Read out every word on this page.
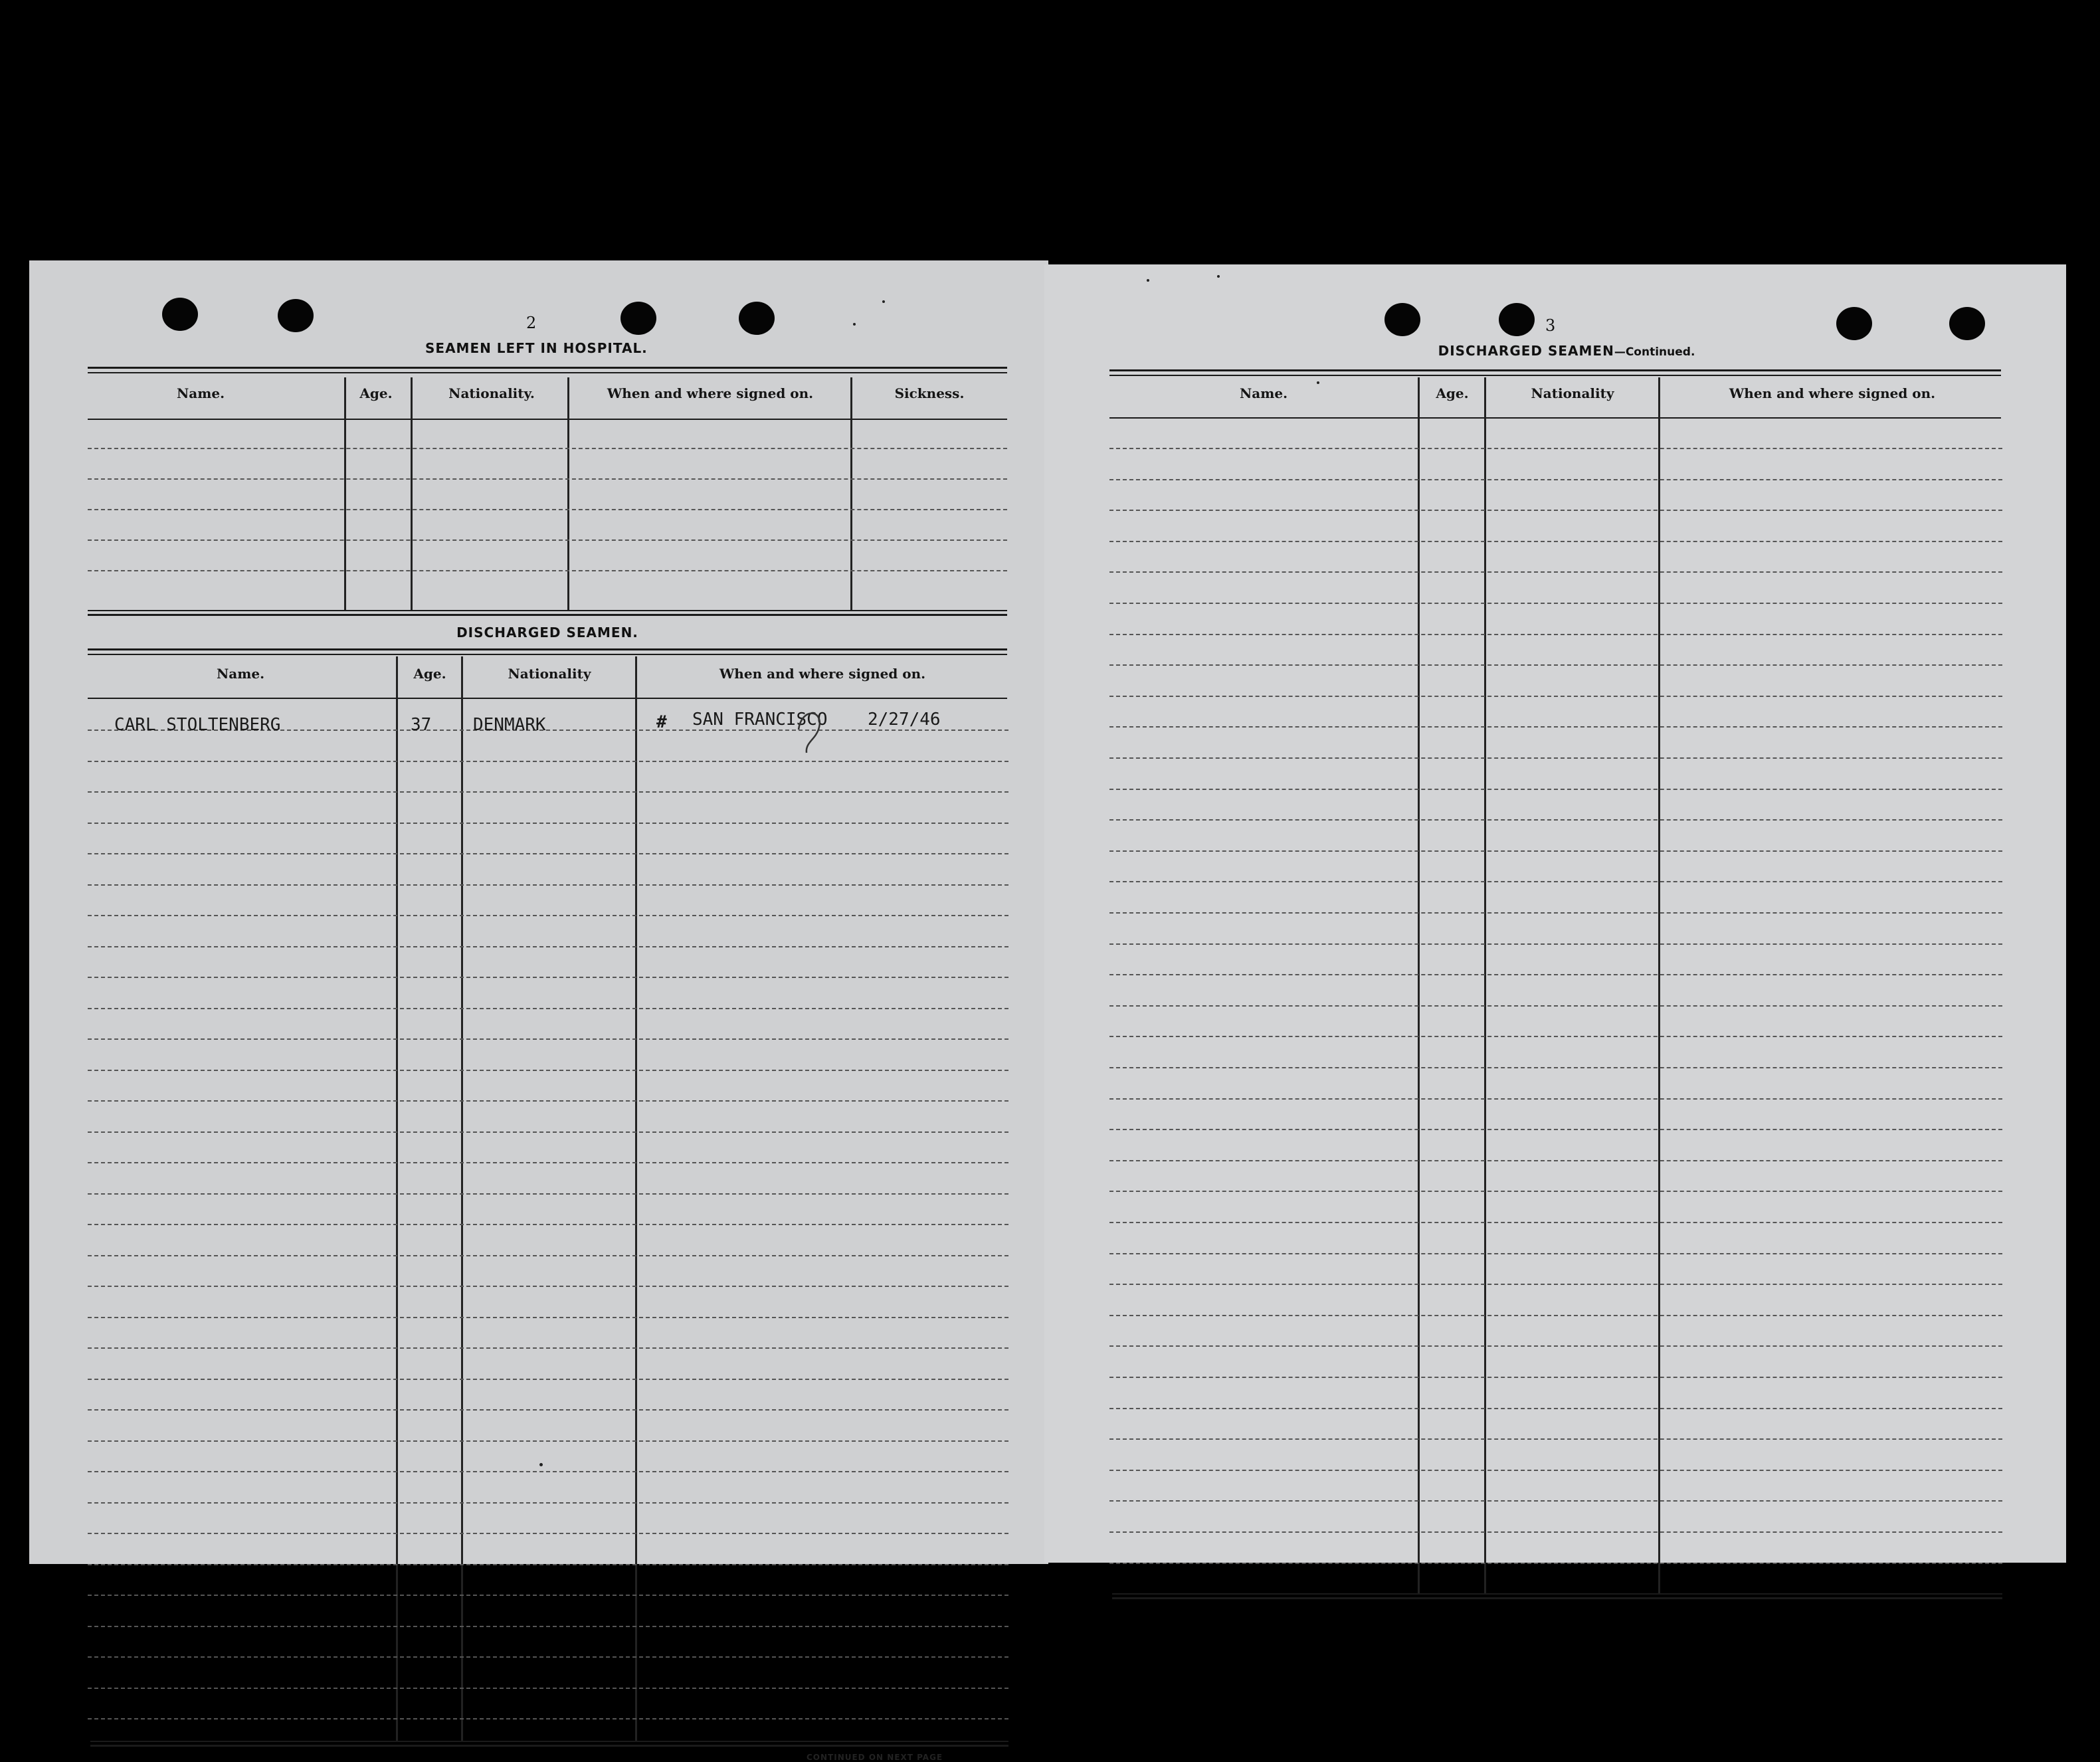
2
SEAMEN LEFT IN HOSPITAL.
Name.	Age.	Nationality.	When and where signed on.	Sickness.
DISCHARGED SEAMEN.
Name.	Age.	Nationality	When and where signed on.
CARL STOLTENBERG	37 DENMARK	# SAN FRANCISCO 2/27/46
CONTINUED ON NEXT PAGE
3
DISCHARGED SEAMEN—Continued.
Name.	Age.	Nationality	When and where signed on.
